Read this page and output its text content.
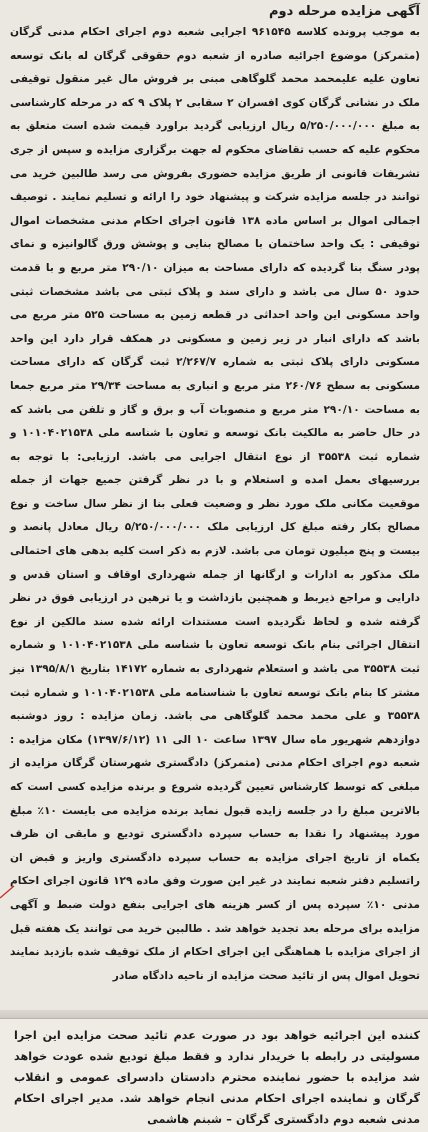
آگهی مزایده مرحله دوم

به موجب پرونده کلاسه ۹۶۱۵۴۵ اجرایی شعبه دوم اجرای احکام مدنی گرگان (متمرکز) موضوع اجرائیه صادره از شعبه دوم حقوقی گرگان له بانک توسعه تعاون علیه علیمحمد محمد گلوگاهی مبنی بر فروش مال غیر منقول توقیفی ملک در نشانی گرگان کوی افسران ۲ سقابی ۲ پلاک ۹ که در مرحله کارشناسی به مبلغ ۵/۲۵۰/۰۰۰/۰۰۰ ریال ارزیابی گردید براورد قیمت شده است متعلق به محکوم علیه که حسب تقاضای محکوم له جهت برگزاری مزایده و سپس از جری تشریفات قانونی از طریق مزایده حضوری بفروش می رسد طالبین خرید می توانند در جلسه مزایده شرکت و پیشنهاد خود را ارائه و تسلیم نمایند . توصیف اجمالی اموال بر اساس ماده ۱۳۸ قانون اجرای احکام مدنی مشخصات اموال توقیفی : یک واحد ساختمان با مصالح بنایی و پوشش ورق گالوانیزه و نمای پودر سنگ بنا گردیده که دارای مساحت به میزان ۲۹۰/۱۰ متر مربع و با قدمت حدود ۵۰ سال می باشد و دارای سند و پلاک ثبتی می باشد مشخصات ثبتی واحد مسکونی این واحد احداثی در قطعه زمین به مساحت ۵۲۵ متر مربع می باشد که دارای انبار در زیر زمین و مسکونی در همکف قرار دارد این واحد مسکونی دارای پلاک ثبتی به شماره ۲/۲۶۷/۷ ثبت گرگان که دارای مساحت مسکونی به سطح ۲۶۰/۷۶ متر مربع و انباری به مساحت ۲۹/۳۴ متر مربع جمعا به مساحت ۲۹۰/۱۰ متر مربع و منصوبات آب و برق و گاز و تلفن می باشد که در حال حاضر به مالکیت بانک توسعه و تعاون با شناسه ملی ۱۰۱۰۴۰۲۱۵۳۸ و شماره ثبت ۳۵۵۳۸ از نوع انتقال اجرایی می باشد. ارزیابی: با توجه به بررسیهای بعمل امده و استعلام و با در نظر گرفتن جمیع جهات از جمله موقعیت مکانی ملک مورد نظر و وضعیت فعلی بنا از نظر سال ساخت و نوع مصالح بکار رفته مبلغ کل ارزیابی ملک ۵/۲۵۰/۰۰۰/۰۰۰ ریال معادل پانصد و بیست و پنج میلیون تومان می باشد. لازم به ذکر است کلیه بدهی های احتمالی ملک مذکور به ادارات و ارگانها از جمله شهرداری اوقاف و استان قدس و دارایی و مراجع ذیربط و همچنین بازداشت و یا ترهین در ارزیابی فوق در نظر گرفته شده و لحاظ نگردیده است مستندات ارائه شده سند مالکین از نوع انتقال اجرائی بنام بانک توسعه تعاون با شناسه ملی ۱۰۱۰۴۰۲۱۵۳۸ و شماره ثبت ۳۵۵۳۸ می باشد و استعلام شهرداری به شماره ۱۴۱۷۲ بتاریخ ۱۳۹۵/۸/۱ نیز مشتر کا بنام بانک توسعه تعاون با شناسنامه ملی ۱۰۱۰۴۰۲۱۵۳۸ و شماره ثبت ۳۵۵۳۸ و علی محمد محمد گلوگاهی می باشد. زمان مزایده : روز دوشنبه دوازدهم شهریور ماه سال ۱۳۹۷ ساعت ۱۰ الی ۱۱ (۱۳۹۷/۶/۱۲) مکان مزایده : شعبه دوم اجرای احکام مدنی (متمرکز) دادگستری شهرستان گرگان مزایده از مبلغی که توسط کارشناس تعیین گردیده شروع و برنده مزایده کسی است که بالاترین مبلغ را در جلسه زایده قبول نماید برنده مزایده می بایست ۱۰٪ مبلغ مورد پیشنهاد را نقدا به حساب سپرده دادگستری تودیع و مابقی ان ظرف یکماه از تاریخ اجرای مزایده به حساب سپرده دادگستری واریز و قبض ان راتسلیم دفتر شعبه نمایند در غیر این صورت وفق ماده ۱۲۹ قانون اجرای احکام مدنی ۱۰٪ سپرده پس از کسر هزینه های اجرایی بنفع دولت ضبط و آگهی مزایده برای مرحله بعد تجدید خواهد شد . طالبین خرید می توانند یک هفته قبل از اجرای مزایده با هماهنگی این اجرای احکام از ملک توقیف شده بازدید نمایند تحویل اموال پس از تائید صحت مزایده از ناحیه دادگاه صادر

کننده این اجرائیه خواهد بود در صورت عدم تائید صحت مزایده این اجرا مسولیتی در رابطه با خریدار ندارد و فقط مبلغ تودیع شده عودت خواهد شد مزایده با حضور نماینده محترم دادستان دادسرای عمومی و انقلاب گرگان و نماینده اجرای احکام مدنی انجام خواهد شد. مدیر اجرای احکام مدنی شعبه دوم دادگستری گرگان – شبنم هاشمی
